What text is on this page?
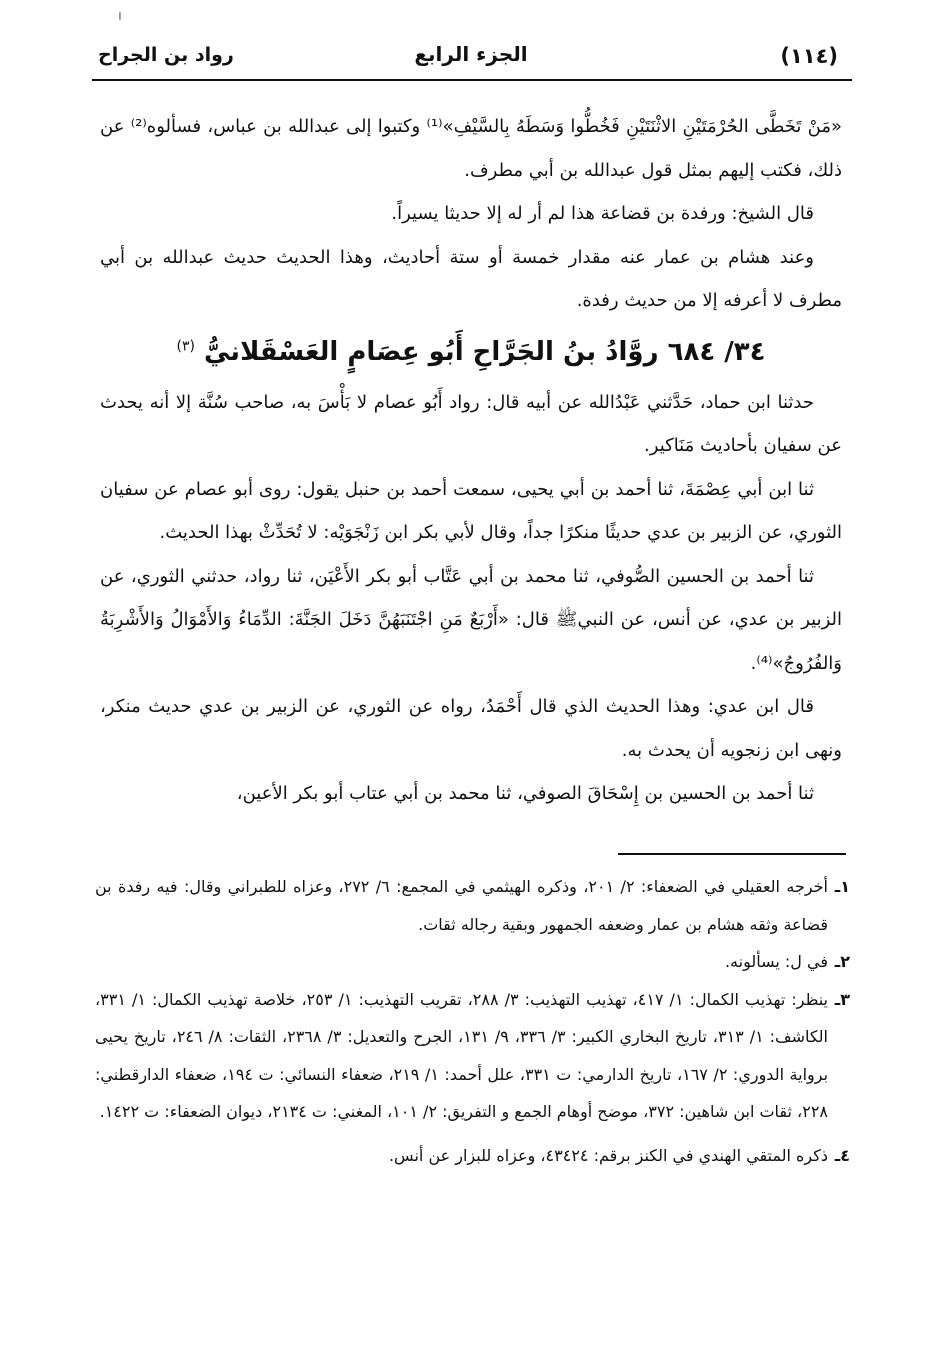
ı
(١١٤)
الجزء الرابع
رواد بن الجراح

«مَنْ تَخَطَّى الحُرْمَتَيْنِ الاثْنَتَيْنِ فَخُطُّوا وَسَطَهُ بِالسَّيْفِ»⁽¹⁾ وكتبوا إلى عبدالله بن عباس، فسألوه⁽²⁾ عن ذلك، فكتب إليهم بمثل قول عبدالله بن أبي مطرف.

قال الشيخ: ورفدة بن قضاعة هذا لم أر له إلا حديثا يسيراً.

وعند هشام بن عمار عنه مقدار خمسة أو ستة أحاديث، وهذا الحديث حديث عبدالله بن أبي مطرف لا أعرفه إلا من حديث رفدة.

٣٤/ ٦٨٤ روَّادُ بنُ الجَرَّاحِ أَبُو عِصَامٍ العَسْقَلانيُّ $^{(٣)}$

حدثنا ابن حماد، حَدَّثني عَبْدُالله عن أبيه قال: رواد أَبُو عصام لا بَأْسَ به، صاحب سُنَّة إلا أنه يحدث عن سفيان بأحاديث مَنَاكير.

ثنا ابن أبي عِصْمَةَ، ثنا أحمد بن أبي يحيى، سمعت أحمد بن حنبل يقول: روى أبو عصام عن سفيان الثوري، عن الزبير بن عدي حديثًا منكرًا جداً، وقال لأبي بكر ابن زَنْجَوَيْه: لا تُحَدِّثْ بهذا الحديث.

ثنا أحمد بن الحسين الصُّوفي، ثنا محمد بن أبي عَتَّاب أبو بكر الأَعْيَن، ثنا رواد، حدثني الثوري، عن الزبير بن عدي، عن أنس، عن النبيﷺ قال: «أَرْبَعٌ مَنِ اجْتَنَبَهُنَّ دَخَلَ الجَنَّةَ: الدِّمَاءُ وَالأَمْوَالُ وَالأَشْرِبَةُ وَالفُرُوجُ»⁽⁴⁾.

قال ابن عدي: وهذا الحديث الذي قال أَحْمَدُ، رواه عن الثوري، عن الزبير بن عدي حديث منكر، ونهى ابن زنجويه أن يحدث به.

ثنا أحمد بن الحسين بن إِسْحَاقَ الصوفي، ثنا محمد بن أبي عتاب أبو بكر الأعين،

١ـ
أخرجه العقيلي في الضعفاء: ٢/ ٢٠١، وذكره الهيثمي في المجمع: ٦/ ٢٧٢، وعزاه للطبراني وقال: فيه رفدة بن قضاعة وثقه هشام بن عمار وضعفه الجمهور وبقية رجاله ثقات.
٢ـ
في ل: يسألونه.
٣ـ
ينظر: تهذيب الكمال: ١/ ٤١٧، تهذيب التهذيب: ٣/ ٢٨٨، تقريب التهذيب: ١/ ٢٥٣، خلاصة تهذيب الكمال: ١/ ٣٣١، الكاشف: ١/ ٣١٣، تاريخ البخاري الكبير: ٣/ ٣٣٦، ٩/ ١٣١، الجرح والتعديل: ٣/ ٢٣٦٨، الثقات: ٨/ ٢٤٦، تاريخ يحيى برواية الدوري: ٢/ ١٦٧، تاريخ الدارمي: ت ٣٣١، علل أحمد: ١/ ٢١٩، ضعفاء النسائي: ت ١٩٤، ضعفاء الدارقطني: ٢٢٨، ثقات ابن شاهين: ٣٧٢، موضح أوهام الجمع و التفريق: ٢/ ١٠١، المغني: ت ٢١٣٤، ديوان الضعفاء: ت ١٤٢٢.
٤ـ
ذكره المتقي الهندي في الكنز برقم: ٤٣٤٢٤، وعزاه للبزار عن أنس.
